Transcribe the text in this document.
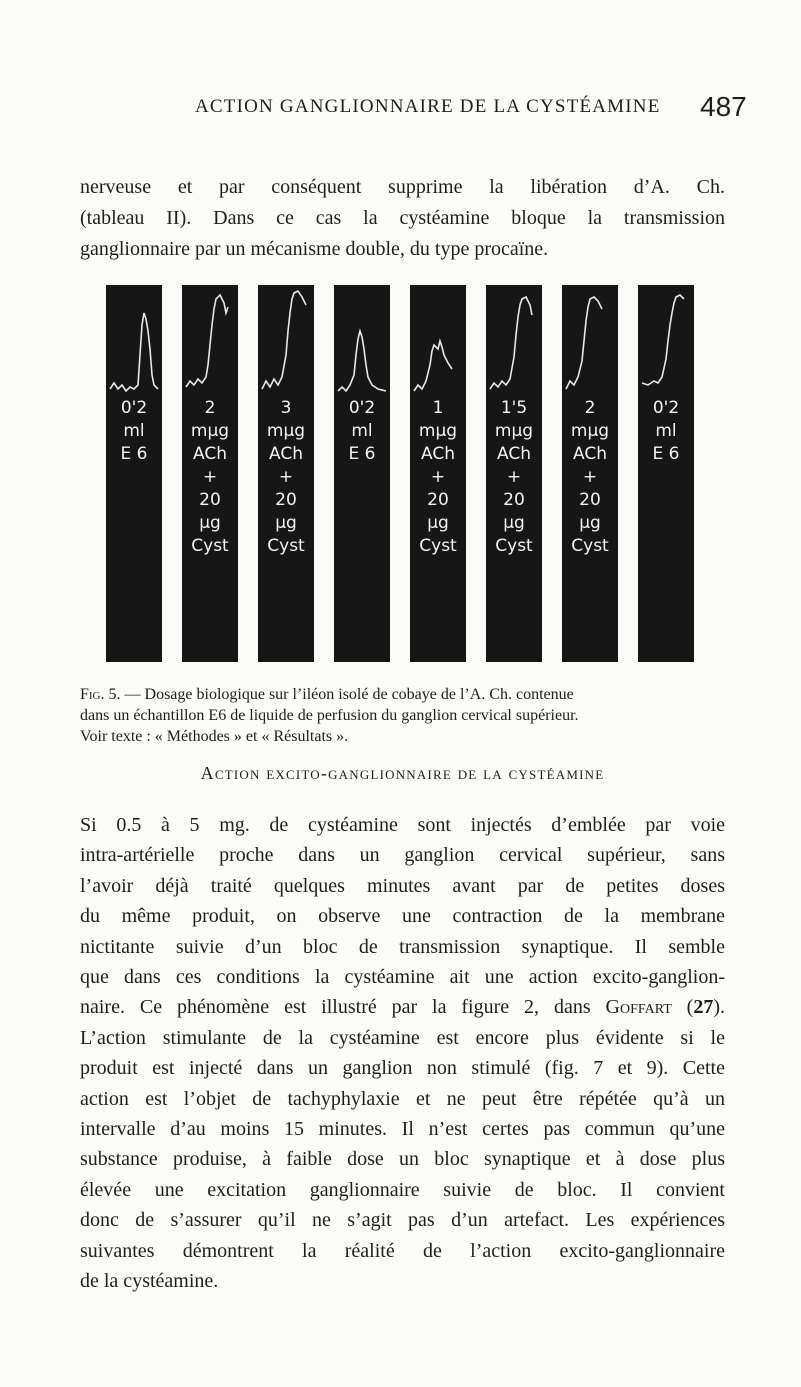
ACTION GANGLIONNAIRE DE LA CYSTÉAMINE 487

nerveuse et par conséquent supprime la libération d’A. Ch.
(tableau II). Dans ce cas la cystéamine bloque la transmission
ganglionnaire par un mécanisme double, du type procaïne.

0'2
ml
E 6
2
mμg
ACh
+
20
μg
Cyst
3
mμg
ACh
+
20
μg
Cyst
0'2
ml
E 6
1
mμg
ACh
+
20
μg
Cyst
1'5
mμg
ACh
+
20
μg
Cyst
2
mμg
ACh
+
20
μg
Cyst
0'2
ml
E 6

Fig. 5. — Dosage biologique sur l’iléon isolé de cobaye de l’A. Ch. contenue
dans un échantillon E6 de liquide de perfusion du ganglion cervical supérieur.
Voir texte : « Méthodes » et « Résultats ».

Action excito-ganglionnaire de la cystéamine

Si 0.5 à 5 mg. de cystéamine sont injectés d’emblée par voie
intra-artérielle proche dans un ganglion cervical supérieur, sans
l’avoir déjà traité quelques minutes avant par de petites doses
du même produit, on observe une contraction de la membrane
nictitante suivie d’un bloc de transmission synaptique. Il semble
que dans ces conditions la cystéamine ait une action excito-ganglion-
naire. Ce phénomène est illustré par la figure 2, dans Goffart (27).
L’action stimulante de la cystéamine est encore plus évidente si le
produit est injecté dans un ganglion non stimulé (fig. 7 et 9). Cette
action est l’objet de tachyphylaxie et ne peut être répétée qu’à un
intervalle d’au moins 15 minutes. Il n’est certes pas commun qu’une
substance produise, à faible dose un bloc synaptique et à dose plus
élevée une excitation ganglionnaire suivie de bloc. Il convient
donc de s’assurer qu’il ne s’agit pas d’un artefact. Les expériences
suivantes démontrent la réalité de l’action excito-ganglionnaire
de la cystéamine.
